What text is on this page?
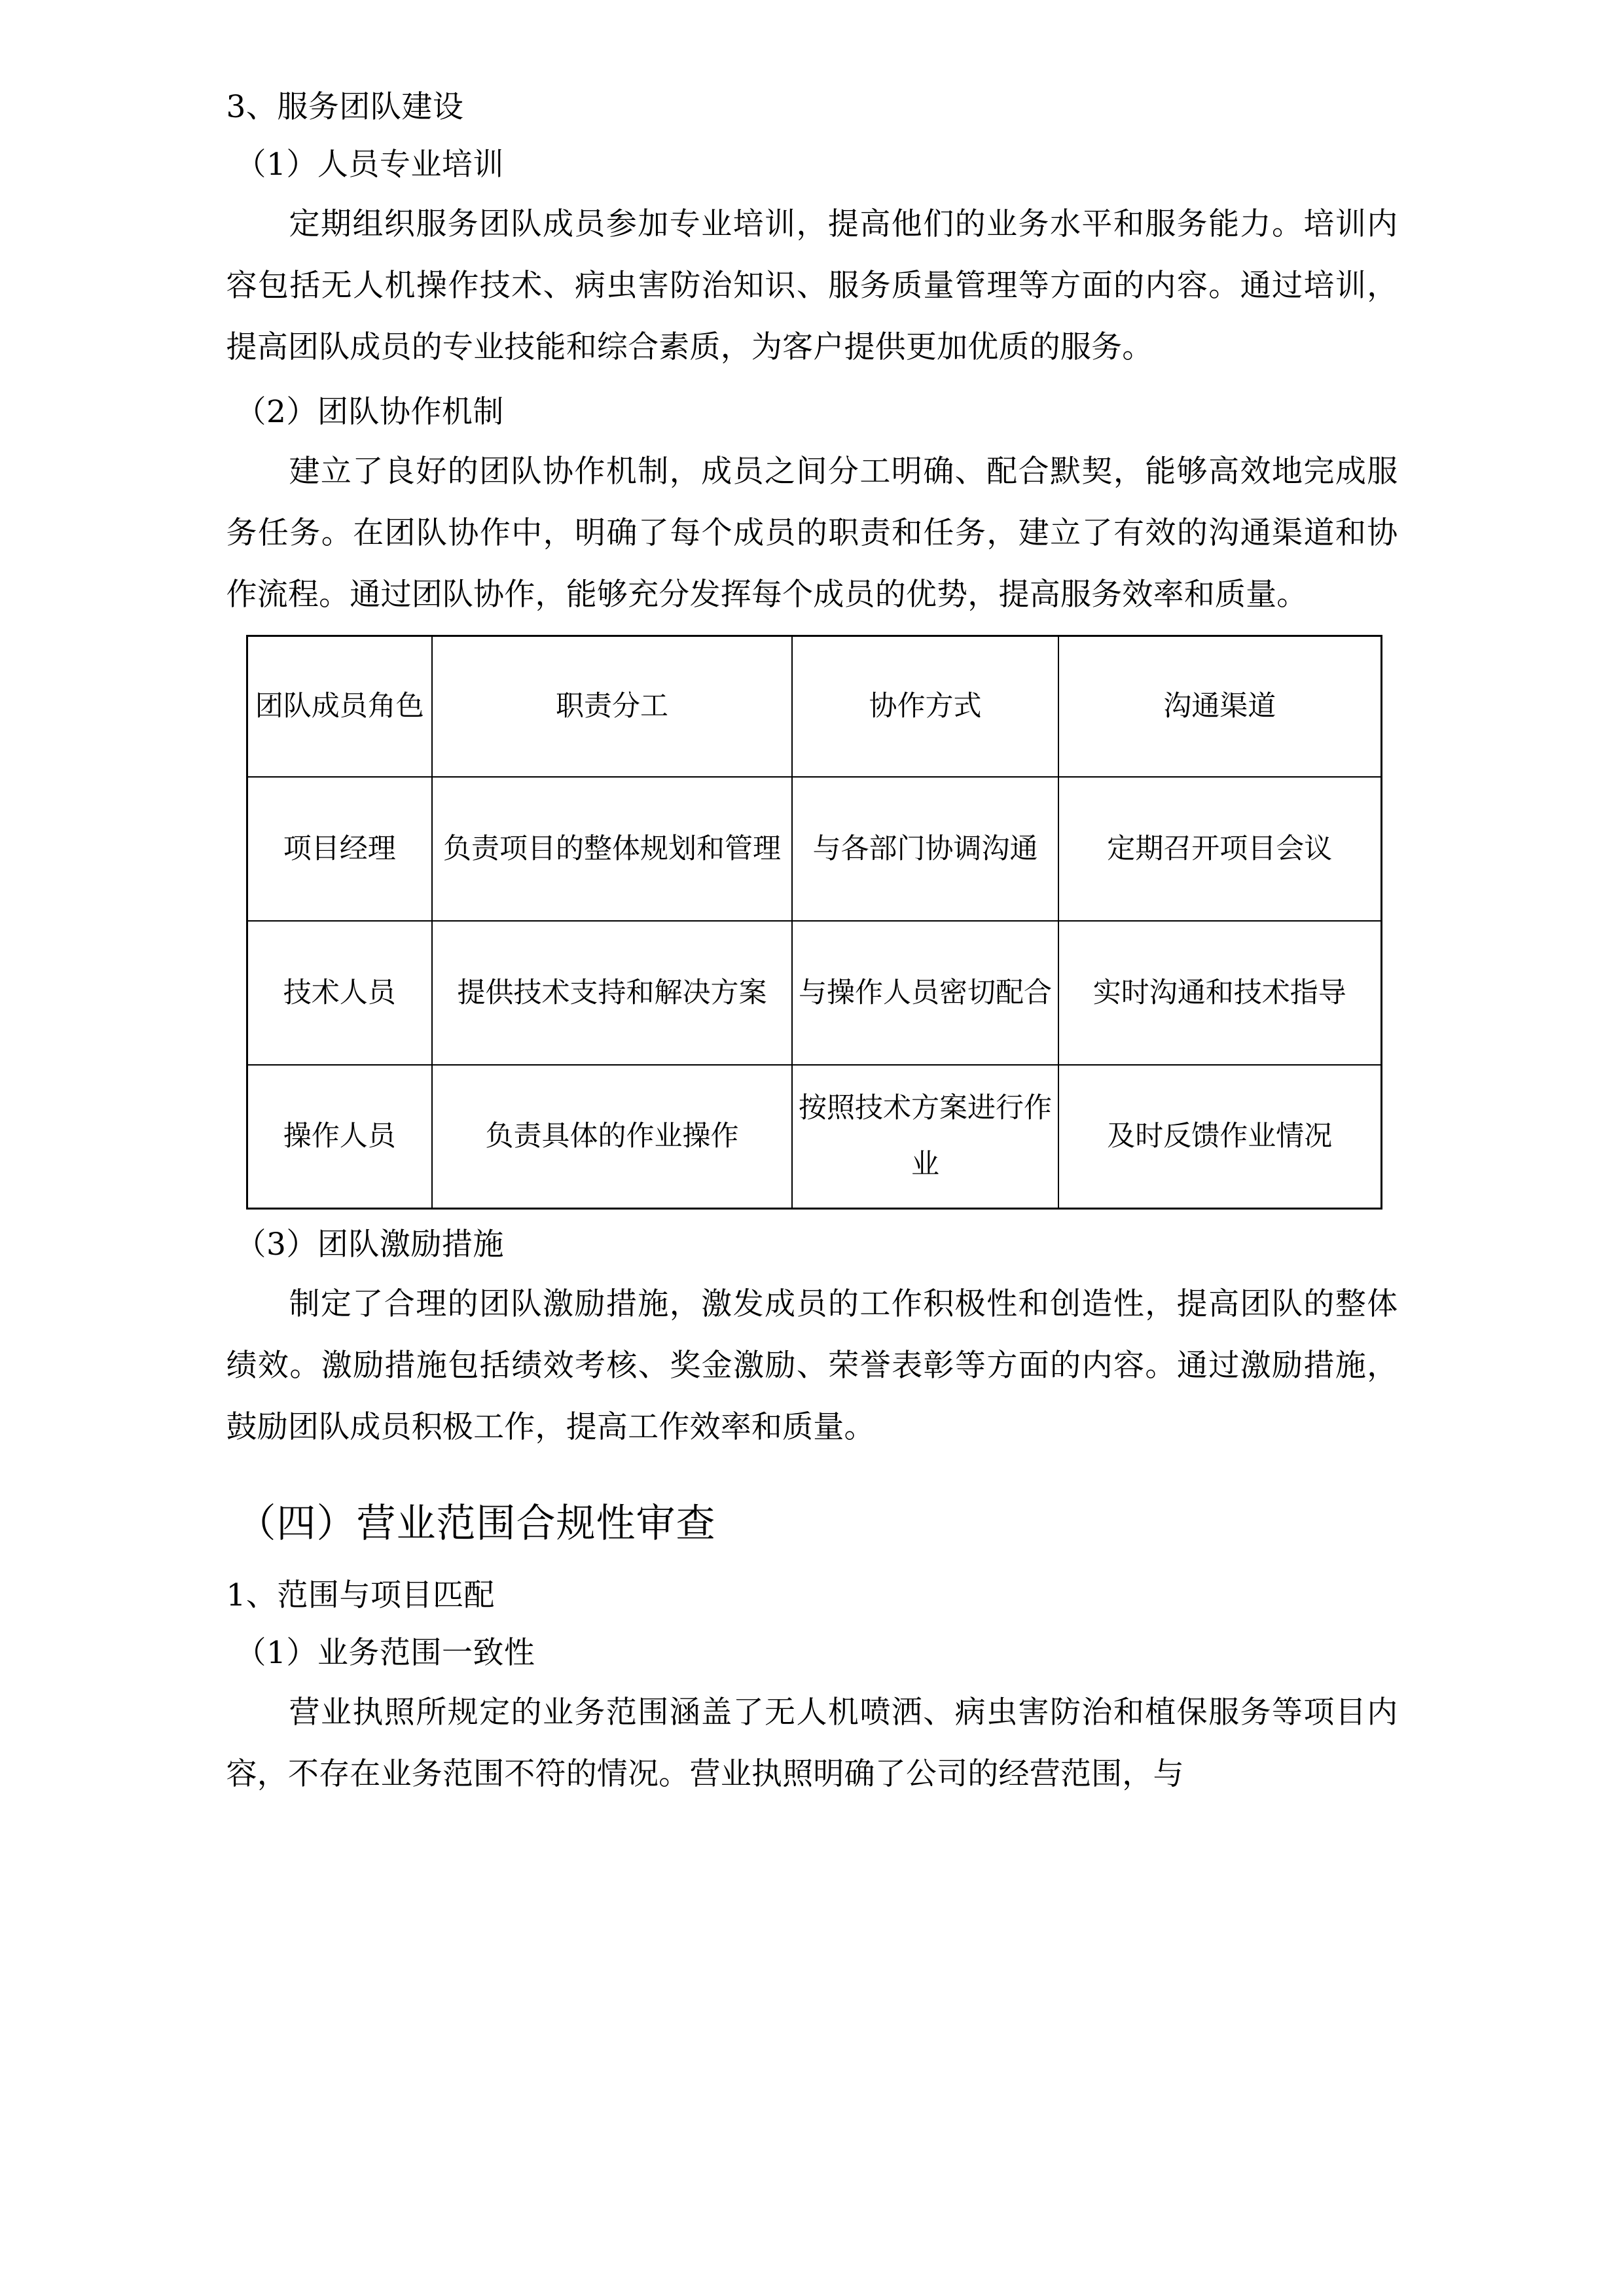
3、服务团队建设
（1）人员专业培训

定期组织服务团队成员参加专业培训，提高他们的业务水平和服务能力。培训内容包括无人机操作技术、病虫害防治知识、服务质量管理等方面的内容。通过培训，提高团队成员的专业技能和综合素质，为客户提供更加优质的服务。

（2）团队协作机制

建立了良好的团队协作机制，成员之间分工明确、配合默契，能够高效地完成服务任务。在团队协作中，明确了每个成员的职责和任务，建立了有效的沟通渠道和协作流程。通过团队协作，能够充分发挥每个成员的优势，提高服务效率和质量。

团队成员角色	职责分工	协作方式	沟通渠道
项目经理	负责项目的整体规划和管理	与各部门协调沟通	定期召开项目会议
技术人员	提供技术支持和解决方案	与操作人员密切配合	实时沟通和技术指导
操作人员	负责具体的作业操作	按照技术方案进行作业	及时反馈作业情况
（3）团队激励措施

制定了合理的团队激励措施，激发成员的工作积极性和创造性，提高团队的整体绩效。激励措施包括绩效考核、奖金激励、荣誉表彰等方面的内容。通过激励措施，鼓励团队成员积极工作，提高工作效率和质量。

（四）营业范围合规性审查
1、范围与项目匹配
（1）业务范围一致性

营业执照所规定的业务范围涵盖了无人机喷洒、病虫害防治和植保服务等项目内容，不存在业务范围不符的情况。营业执照明确了公司的经营范围，与
